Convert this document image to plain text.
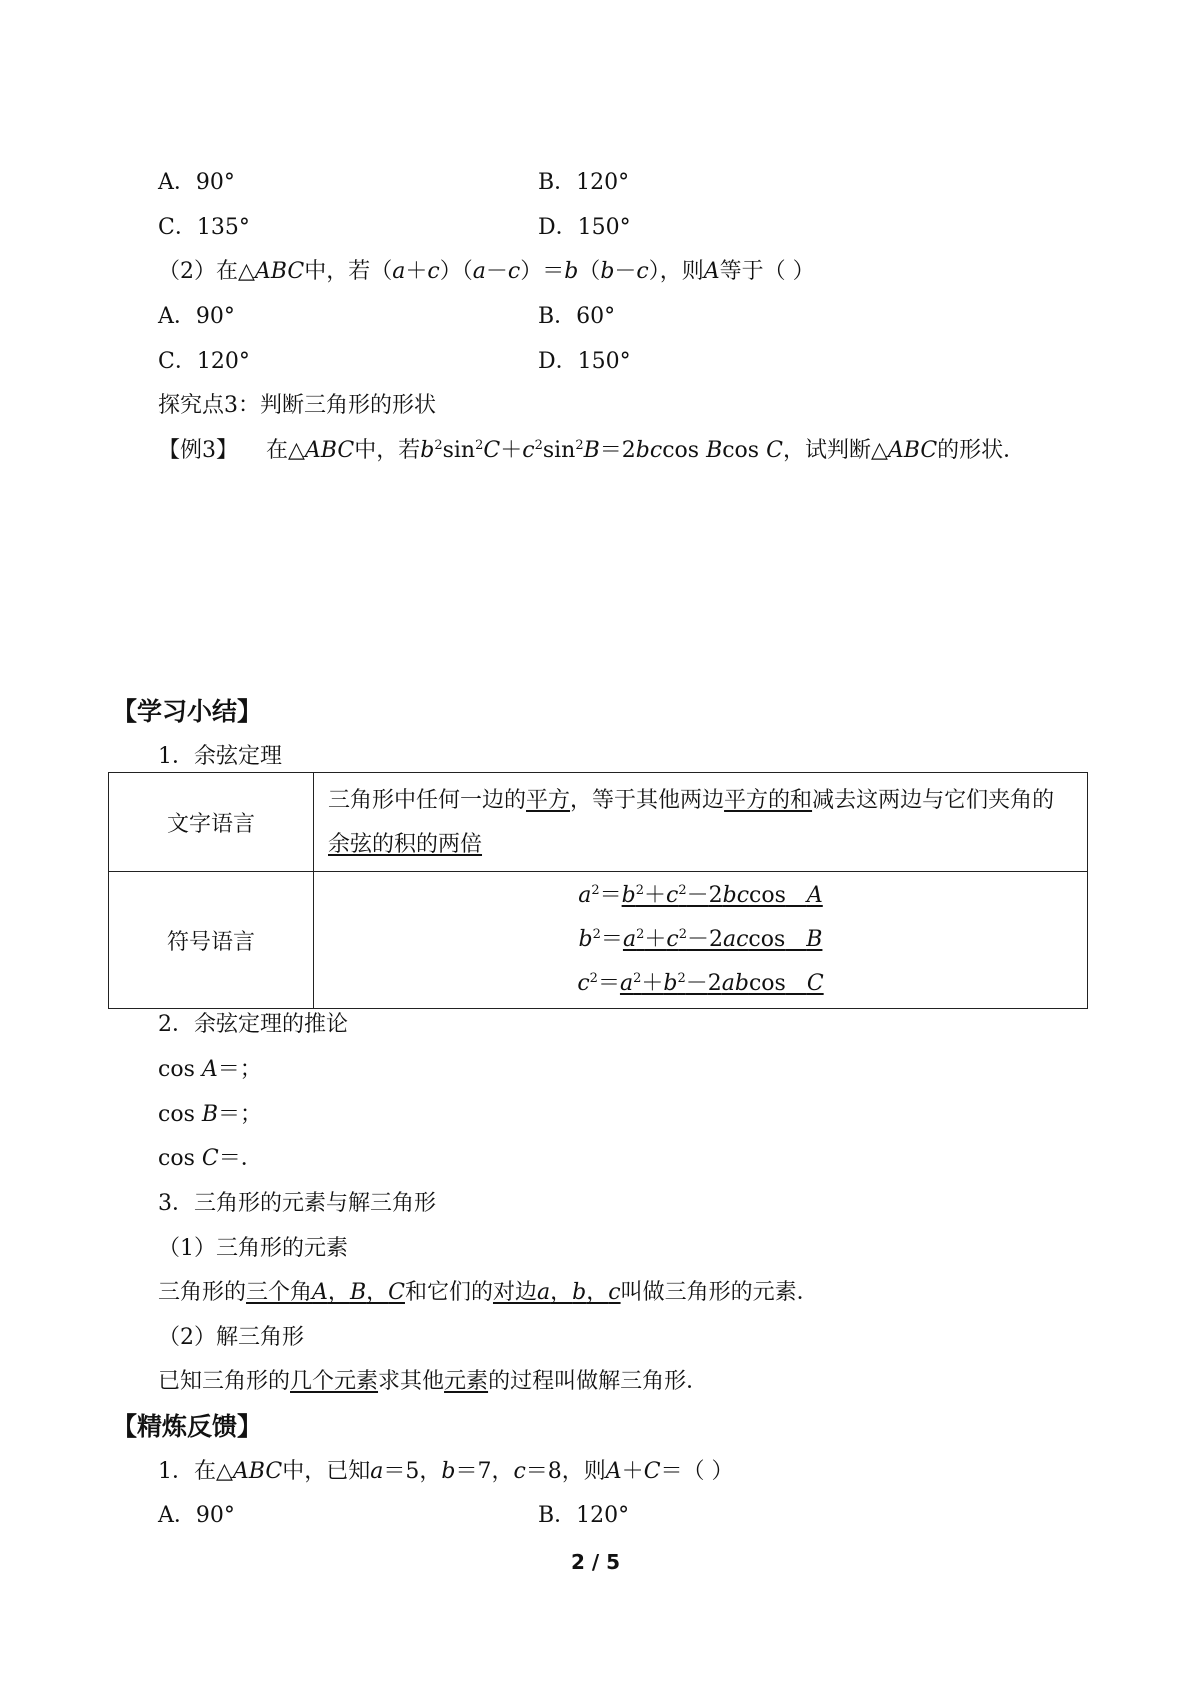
A．90°	B．120°
C．135°	D．150°
（2）在△ABC中，若（a＋c）（a－c）＝b（b－c），则A等于（ ）
A．90°	B．60°
C．120°	D．150°
探究点3：判断三角形的形状
【例3】 在△ABC中，若$b^2\sin^2C+c^2\sin^2B=2bccos$ Bcos C，试判断△ABC的形状．
【学习小结】
1．余弦定理
文字语言	三角形中任何一边的平方，等于其他两边平方的和减去这两边与它们夹角的余弦的积的两倍
符号语言	$a^2=b^2+c^2-2bccos$ A
$b^2=a^2+c^2-2accos$ B
$c^2=a^2+b^2-2abcos$ C
2．余弦定理的推论
cos A＝；
cos B＝；
cos C＝．
3．三角形的元素与解三角形
（1）三角形的元素
三角形的三个角A，B，C和它们的对边a，b，c叫做三角形的元素．
（2）解三角形
已知三角形的几个元素求其他元素的过程叫做解三角形．
【精炼反馈】
1．在△ABC中，已知a＝5，b＝7，c＝8，则A＋C＝（ ）
A．90°	B．120°
2 / 5
